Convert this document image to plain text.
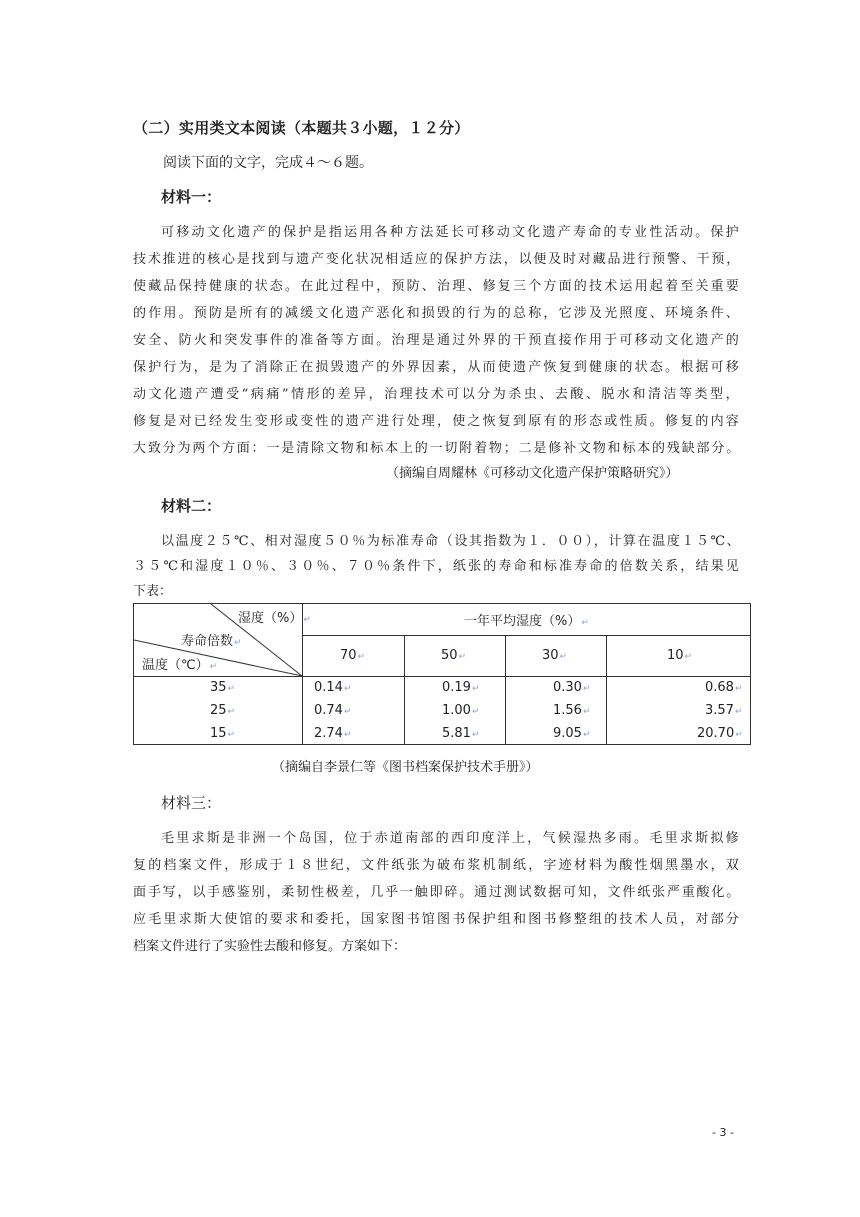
（二）实用类文本阅读（本题共３小题，１２分）
阅读下面的文字，完成４～６题。
材料一：
可移动文化遗产的保护是指运用各种方法延长可移动文化遗产寿命的专业性活动。保护
技术推进的核心是找到与遗产变化状况相适应的保护方法，以便及时对藏品进行预警、干预，
使藏品保持健康的状态。在此过程中，预防、治理、修复三个方面的技术运用起着至关重要
的作用。预防是所有的减缓文化遗产恶化和损毁的行为的总称，它涉及光照度、环境条件、
安全、防火和突发事件的准备等方面。治理是通过外界的干预直接作用于可移动文化遗产的
保护行为，是为了消除正在损毁遗产的外界因素，从而使遗产恢复到健康的状态。根据可移
动文化遗产遭受“病痛”情形的差异，治理技术可以分为杀虫、去酸、脱水和清洁等类型，
修复是对已经发生变形或变性的遗产进行处理，使之恢复到原有的形态或性质。修复的内容
大致分为两个方面：一是清除文物和标本上的一切附着物；二是修补文物和标本的残缺部分。
（摘编自周耀林《可移动文化遗产保护策略研究》）
材料二：
以温度２５℃、相对湿度５０％为标准寿命（设其指数为１．００），计算在温度１５℃、
３５℃和湿度１０％、３０％、７０％条件下，纸张的寿命和标准寿命的倍数关系，结果见
下表：
湿度（%）↵
寿命倍数↵
温度（℃）↵
一年平均湿度（%）↵
70↵	50↵	30↵	10↵
35↵	0.14↵	0.19↵	0.30↵	0.68↵
25↵	0.74↵	1.00↵	1.56↵	3.57↵
15↵	2.74↵	5.81↵	9.05↵	20.70↵
（摘编自李景仁等《图书档案保护技术手册》）
材料三：
毛里求斯是非洲一个岛国，位于赤道南部的西印度洋上，气候湿热多雨。毛里求斯拟修
复的档案文件，形成于１８世纪，文件纸张为破布浆机制纸，字迹材料为酸性烟黑墨水，双
面手写，以手感鉴别，柔韧性极差，几乎一触即碎。通过测试数据可知，文件纸张严重酸化。
应毛里求斯大使馆的要求和委托，国家图书馆图书保护组和图书修整组的技术人员，对部分
档案文件进行了实验性去酸和修复。方案如下：
- 3 -
